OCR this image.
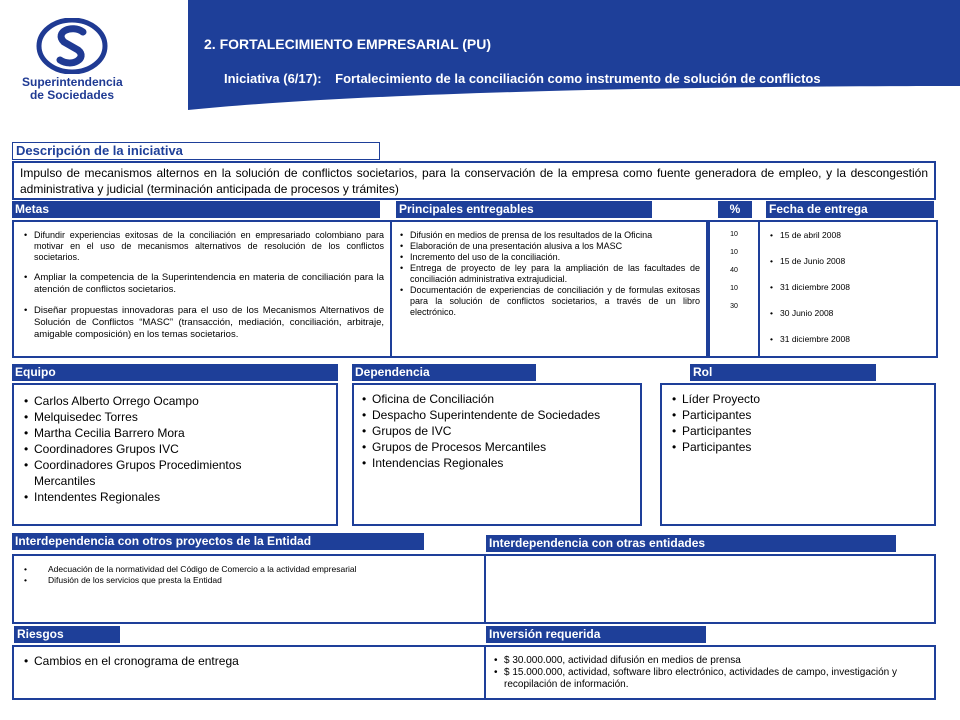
Superintendencia
de Sociedades
2. FORTALECIMIENTO EMPRESARIAL (PU)
Iniciativa (6/17): Fortalecimiento de la conciliación como instrumento de solución de conflictos
Descripción de la iniciativa

Impulso de mecanismos alternos en la solución de conflictos societarios, para la conservación de la empresa como fuente generadora de empleo, y la descongestión administrativa y judicial (terminación anticipada de procesos y trámites)

Metas	Principales entregables	%	Fecha de entrega
• Difundir experiencias exitosas de la conciliación en empresariado colombiano para motivar en el uso de mecanismos alternativos de resolución de los conflictos societarios.
• Ampliar la competencia de la Superintendencia en materia de conciliación para la atención de conflictos societarios.
• Diseñar propuestas innovadoras para el uso de los Mecanismos Alternativos de Solución de Conflictos “MASC” (transacción, mediación, conciliación, arbitraje, amigable composición) en los temas societarios.
• Difusión en medios de prensa de los resultados de la Oficina
• Elaboración de una presentación alusiva a los MASC
• Incremento del uso de la conciliación.
• Entrega de proyecto de ley para la ampliación de las facultades de conciliación administrativa extrajudicial.
• Documentación de experiencias de conciliación y de formulas exitosas para la solución de conflictos societarios, a través de un libro electrónico.
10
10
40
10
30
• 15 de abril 2008
• 15 de Junio 2008
• 31 diciembre 2008
• 30 Junio 2008
• 31 diciembre 2008
Equipo	Dependencia	Rol
• Carlos Alberto Orrego Ocampo
• Melquisedec Torres
• Martha Cecilia Barrero Mora
• Coordinadores Grupos IVC
• Coordinadores Grupos Procedimientos Mercantiles
• Intendentes Regionales
• Oficina de Conciliación
• Despacho Superintendente de Sociedades
• Grupos de IVC
• Grupos de Procesos Mercantiles
• Intendencias Regionales
• Líder Proyecto
• Participantes
• Participantes
• Participantes
Interdependencia con otros proyectos de la Entidad	Interdependencia con otras entidades
• Adecuación de la normatividad del Código de Comercio a la actividad empresarial
• Difusión de los servicios que presta la Entidad
Riesgos	Inversión requerida
• Cambios en el cronograma de entrega
•	$ 30.000.000, actividad difusión en medios de prensa
• $ 15.000.000, actividad, software libro electrónico, actividades de campo, investigación y recopilación de información.
